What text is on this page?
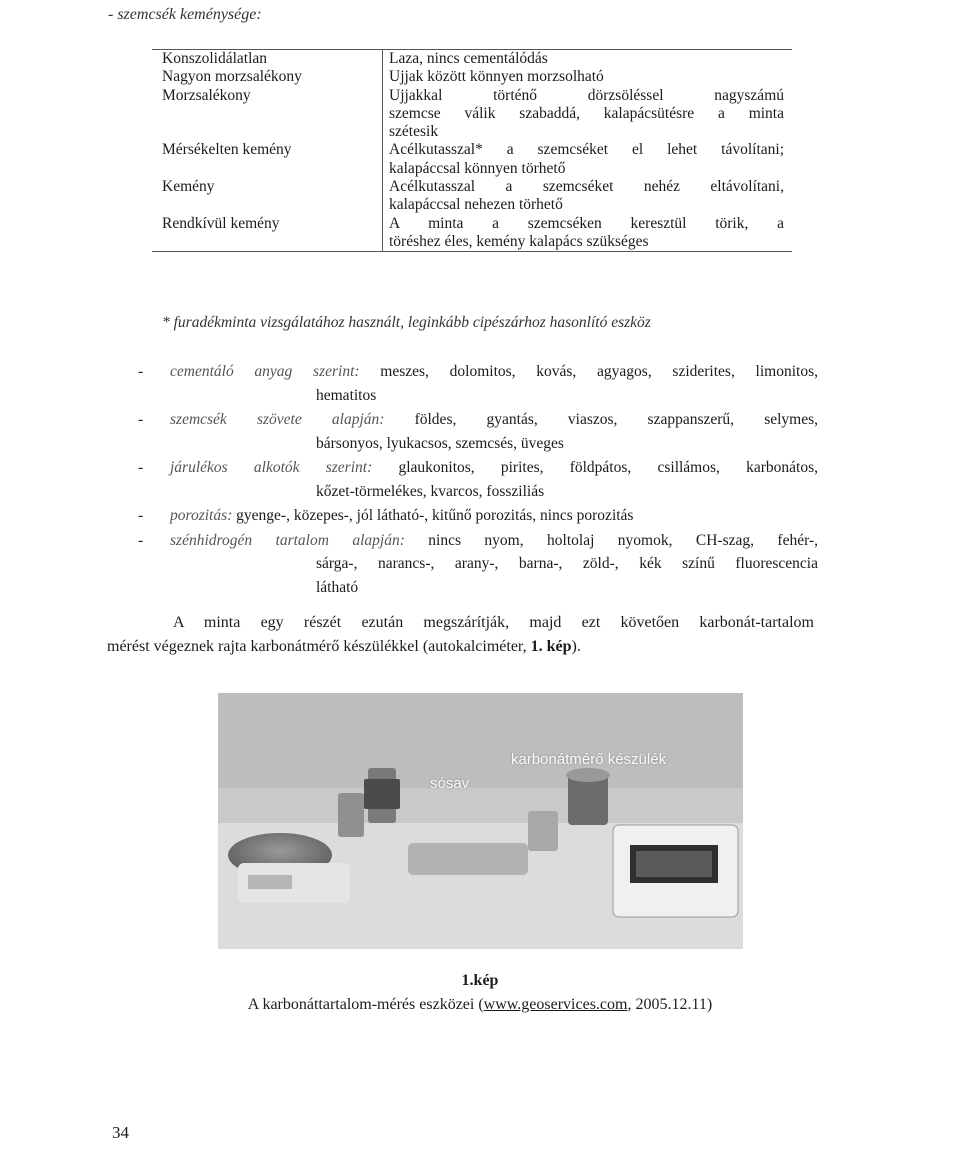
- szemcsék keménysége:
Konszolidálatlan	Laza, nincs cementálódás
Nagyon morzsalékony	Ujjak között könnyen morzsolható
Morzsalékony	Ujjakkal történő dörzsöléssel nagyszámú
szemcse válik szabaddá, kalapácsütésre a minta
szétesik
Mérsékelten kemény	Acélkutasszal* a szemcséket el lehet távolítani;
kalapáccsal könnyen törhető
Kemény	Acélkutasszal a szemcséket nehéz eltávolítani,
kalapáccsal nehezen törhető
Rendkívül kemény	A minta a szemcséken keresztül törik, a
töréshez éles, kemény kalapács szükséges
* furadékminta vizsgálatához használt, leginkább cipészárhoz hasonlító eszköz
- cementáló anyag szerint: meszes, dolomitos, kovás, agyagos, sziderites, limonitos,
hematitos
- szemcsék szövete alapján: földes, gyantás, viaszos, szappanszerű, selymes,
bársonyos, lyukacsos, szemcsés, üveges
- járulékos alkotók szerint: glaukonitos, pirites, földpátos, csillámos, karbonátos,
kőzet-törmelékes, kvarcos, fossziliás
- porozitás: gyenge-, közepes-, jól látható-, kitűnő porozitás, nincs porozitás
- szénhidrogén tartalom alapján: nincs nyom, holtolaj nyomok, CH-szag, fehér-,
sárga-, narancs-, arany-, barna-, zöld-, kék színű fluorescencia
látható
A minta egy részét ezután megszárítják, majd ezt követően karbonát-tartalom
mérést végeznek rajta karbonátmérő készülékkel (autokalciméter, 1. kép).
sósav
karbonátmérő készülék
1.kép
A karbonáttartalom-mérés eszközei (www.geoservices.com, 2005.12.11)
34
